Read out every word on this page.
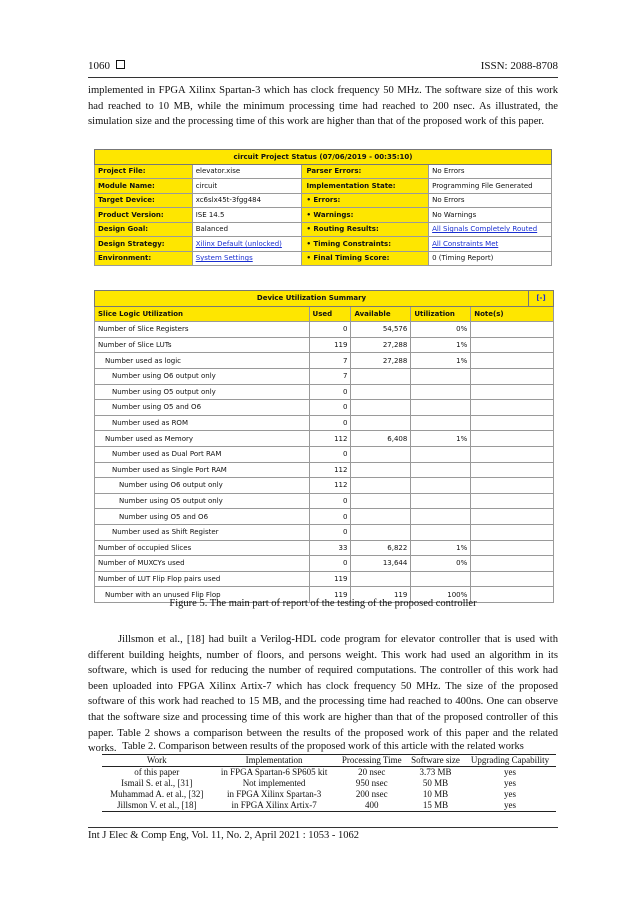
1060	ISSN: 2088-8708

implemented in FPGA Xilinx Spartan-3 which has clock frequency 50 MHz. The software size of this work had reached to 10 MB, while the minimum processing time had reached to 200 nsec. As illustrated, the simulation size and the processing time of this work are higher than that of the proposed work of this paper.

circuit Project Status (07/06/2019 - 00:35:10)			
Project File:	elevator.xise	Parser Errors:	No Errors
Module Name:	circuit	Implementation State:	Programming File Generated
Target Device:	xc6slx45t-3fgg484	• Errors:	No Errors
Product Version:	ISE 14.5	• Warnings:	No Warnings
Design Goal:	Balanced	• Routing Results:	All Signals Completely Routed
Design Strategy:	Xilinx Default (unlocked)	• Timing Constraints:	All Constraints Met
Environment:	System Settings	• Final Timing Score:	0 (Timing Report)
Device Utilization Summary					[-]
Slice Logic Utilization	Used	Available	Utilization	Note(s)	
Number of Slice Registers	0	54,576	0%		
Number of Slice LUTs	119	27,288	1%		
Number used as logic	7	27,288	1%		
Number using O6 output only	7				
Number using O5 output only	0				
Number using O5 and O6	0				
Number used as ROM	0				
Number used as Memory	112	6,408	1%		
Number used as Dual Port RAM	0				
Number used as Single Port RAM	112				
Number using O6 output only	112				
Number using O5 output only	0				
Number using O5 and O6	0				
Number used as Shift Register	0				
Number of occupied Slices	33	6,822	1%		
Number of MUXCYs used	0	13,644	0%		
Number of LUT Flip Flop pairs used	119				
Number with an unused Flip Flop	119	119	100%		
Figure 5. The main part of report of the testing of the proposed controller

Jillsmon et al., [18] had built a Verilog-HDL code program for elevator controller that is used with different building heights, number of floors, and persons weight. This work had used an algorithm in its software, which is used for reducing the number of required computations. The controller of this work had been uploaded into FPGA Xilinx Artix-7 which has clock frequency 50 MHz. The size of the proposed software of this work had reached to 15 MB, and the processing time had reached to 400ns. One can observe that the software size and processing time of this work are higher than that of the proposed controller of this paper. Table 2 shows a comparison between the results of the proposed work of this paper and the related works. Table 2. Comparison between results of the proposed work of this article with the related works
Work	Implementation	Processing Time	Software size	Upgrading Capability
of this paper	in FPGA Spartan-6 SP605 kit	20 nsec	3.73 MB	yes
Ismail S. et al., [31]	Not implemented	950 nsec	50 MB	yes
Muhammad A. et al., [32]	in FPGA Xilinx Spartan-3	200 nsec	10 MB	yes
Jillsmon V. et al., [18]	in FPGA Xilinx Artix-7	400	15 MB	yes
Int J Elec & Comp Eng, Vol. 11, No. 2, April 2021 : 1053 - 1062
